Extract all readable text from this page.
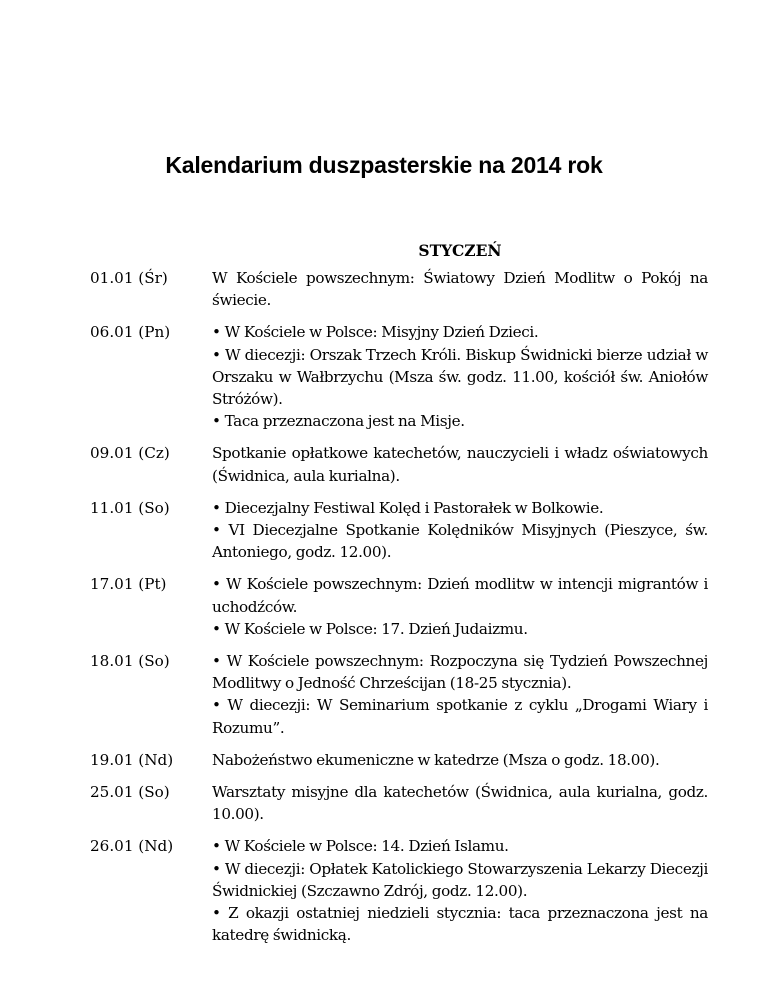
Kalendarium duszpasterskie na 2014 rok
STYCZEŃ
01.01 (Śr)	W Kościele powszechnym: Światowy Dzień Modlitw o Pokój na świecie.
06.01 (Pn)	• W Kościele w Polsce: Misyjny Dzień Dzieci.
• W diecezji: Orszak Trzech Króli. Biskup Świdnicki bierze udział w Orszaku w Wałbrzychu (Msza św. godz. 11.00, kościół św. Aniołów Stróżów).
• Taca przeznaczona jest na Misje.
09.01 (Cz)	Spotkanie opłatkowe katechetów, nauczycieli i władz oświatowych (Świdnica, aula kurialna).
11.01 (So)	• Diecezjalny Festiwal Kolęd i Pastorałek w Bolkowie.
• VI Diecezjalne Spotkanie Kolędników Misyjnych (Pieszyce, św. Antoniego, godz. 12.00).
17.01 (Pt)	• W Kościele powszechnym: Dzień modlitw w intencji migrantów i uchodźców.
• W Kościele w Polsce: 17. Dzień Judaizmu.
18.01 (So)	• W Kościele powszechnym: Rozpoczyna się Tydzień Powszechnej Modlitwy o Jedność Chrześcijan (18-25 stycznia).
• W diecezji: W Seminarium spotkanie z cyklu „Drogami Wiary i Rozumu”.
19.01 (Nd)	Nabożeństwo ekumeniczne w katedrze (Msza o godz. 18.00).
25.01 (So)	Warsztaty misyjne dla katechetów (Świdnica, aula kurialna, godz. 10.00).
26.01 (Nd)	• W Kościele w Polsce: 14. Dzień Islamu.
• W diecezji: Opłatek Katolickiego Stowarzyszenia Lekarzy Diecezji Świdnickiej (Szczawno Zdrój, godz. 12.00).
• Z okazji ostatniej niedzieli stycznia: taca przeznaczona jest na katedrę świdnicką.
